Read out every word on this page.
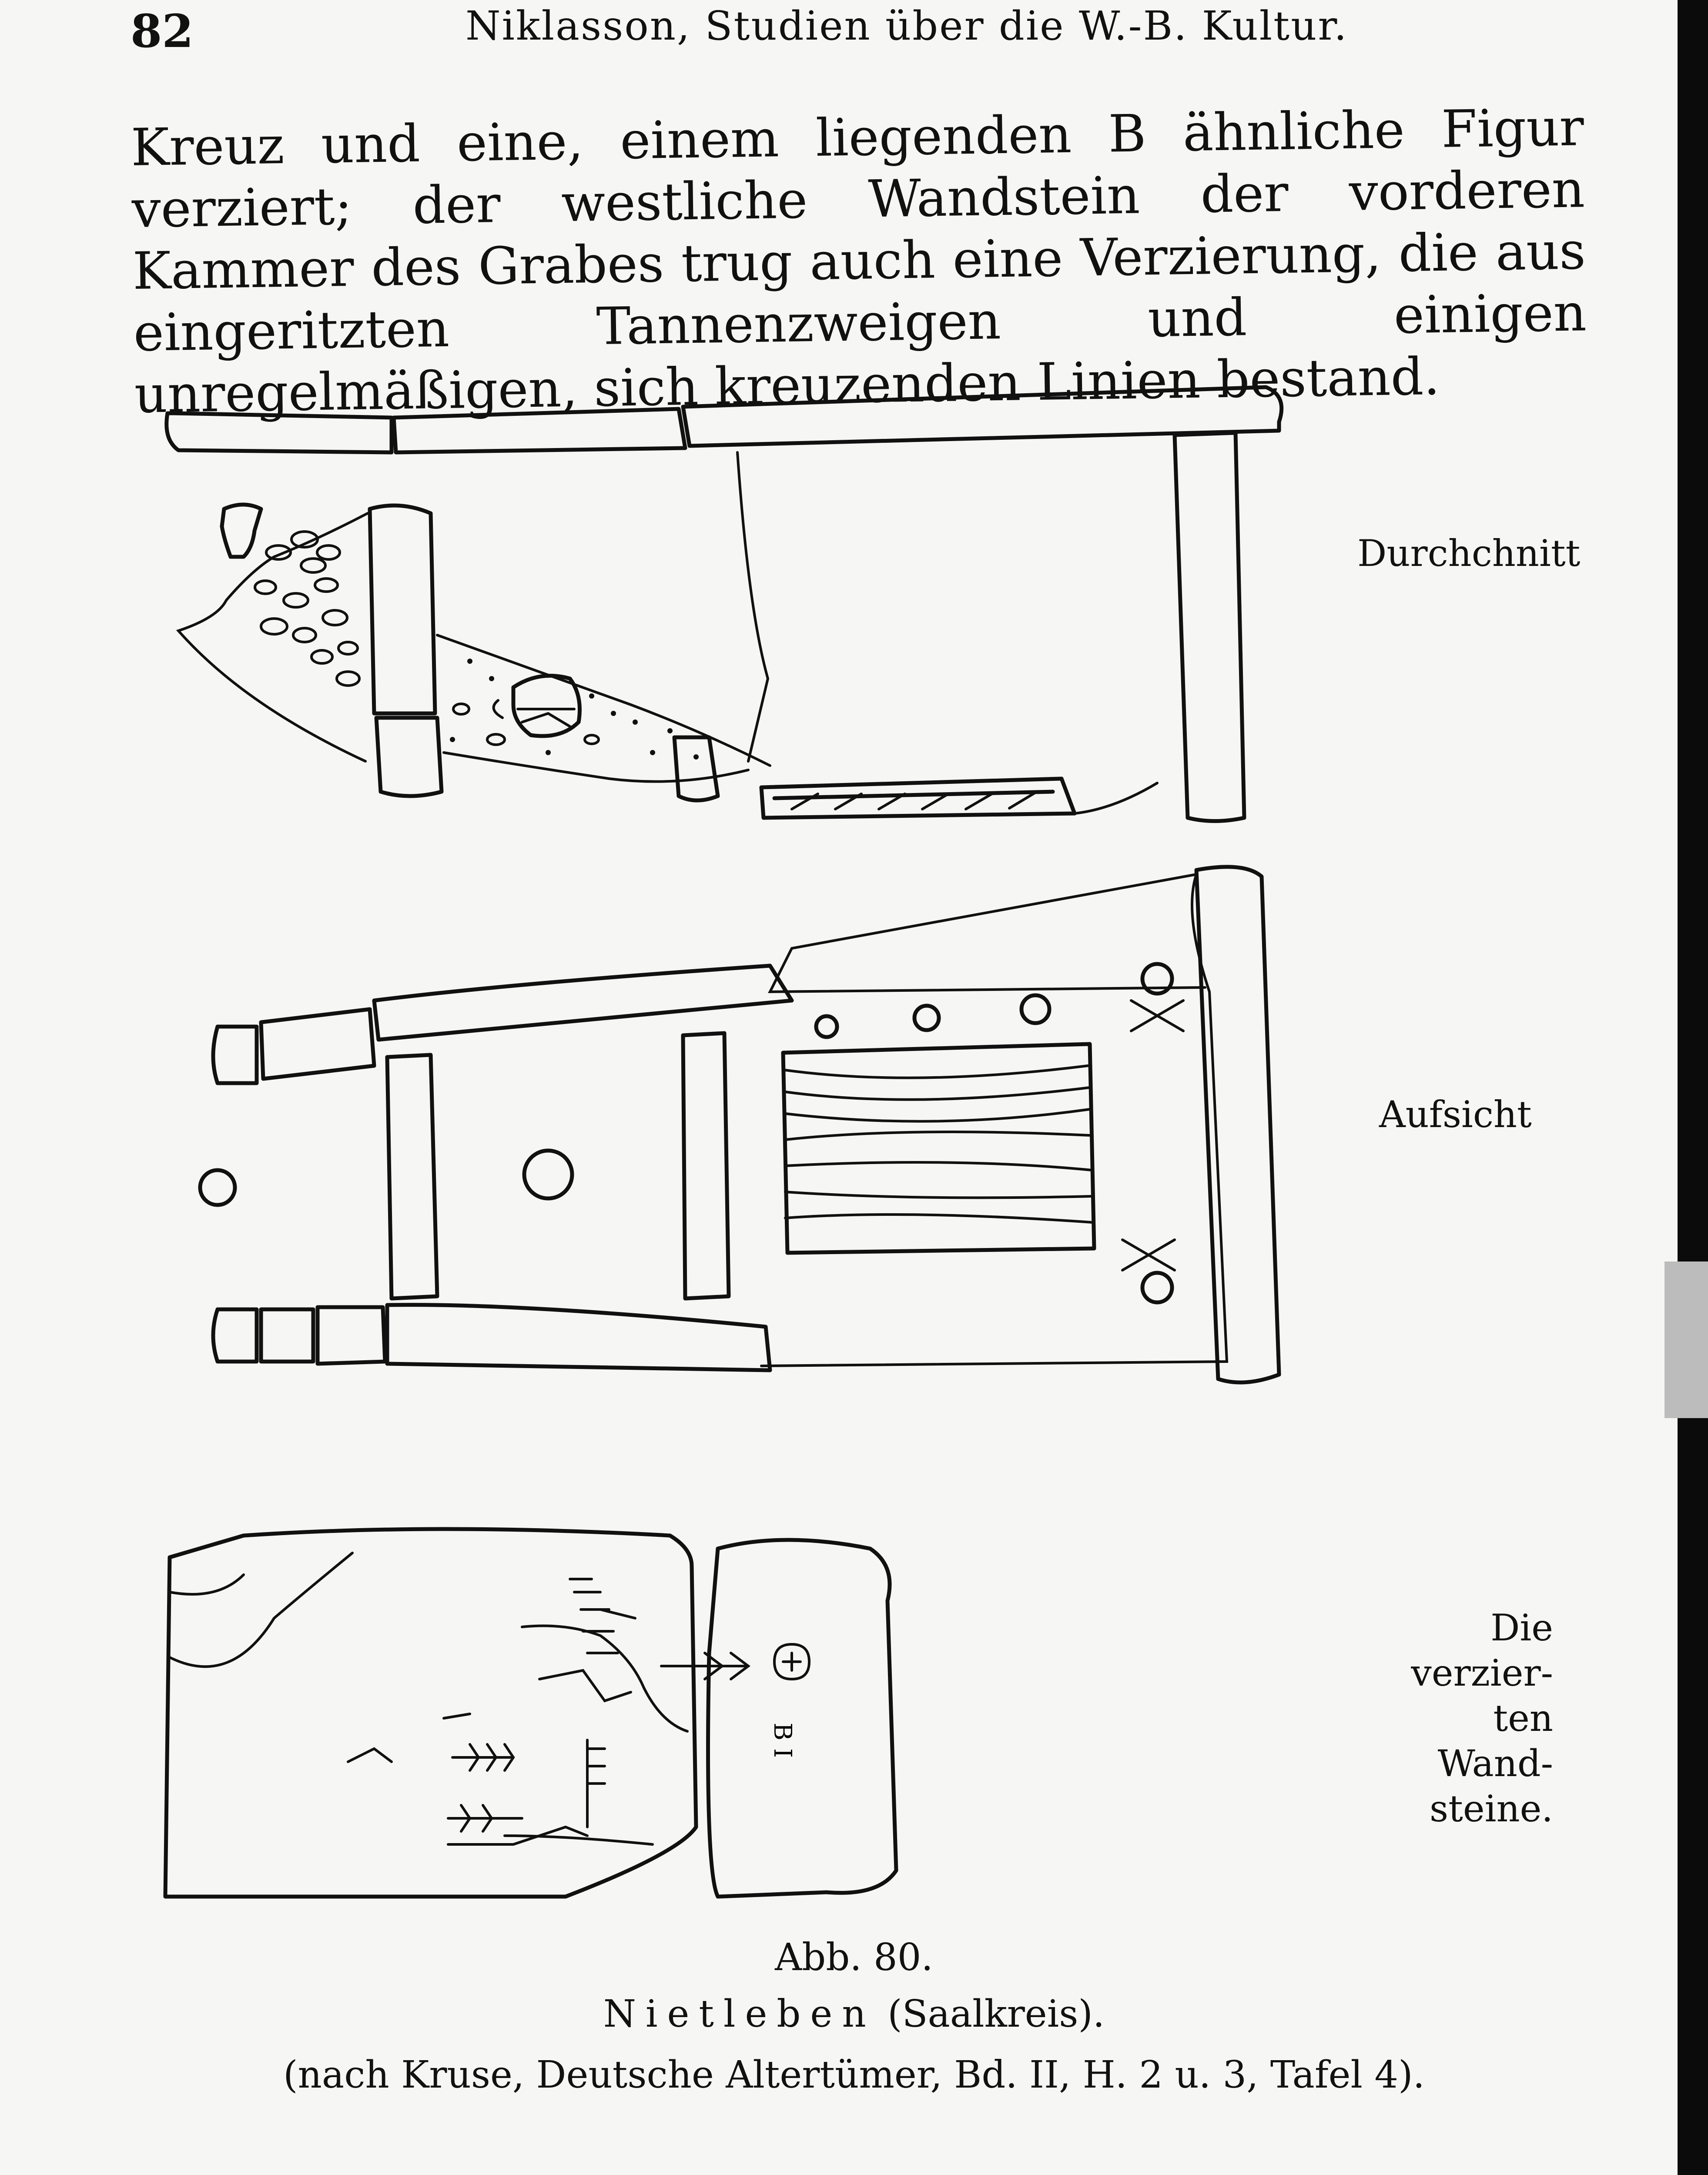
82	Niklasson, Studien über die W.-B. Kultur.

Kreuz und eine, einem liegenden B ähnliche Figur verziert; der westliche Wandstein der vorderen Kammer des Grabes trug auch eine Verzierung, die aus eingeritzten Tannenzweigen und einigen unregelmäßigen, sich kreuzenden Linien bestand.

B I
Durchchnitt
Aufsicht
Die verzier-
ten Wand-
steine.
Abb. 80.
Nietleben (Saalkreis).
(nach Kruse, Deutsche Altertümer, Bd. II, H. 2 u. 3, Tafel 4).
